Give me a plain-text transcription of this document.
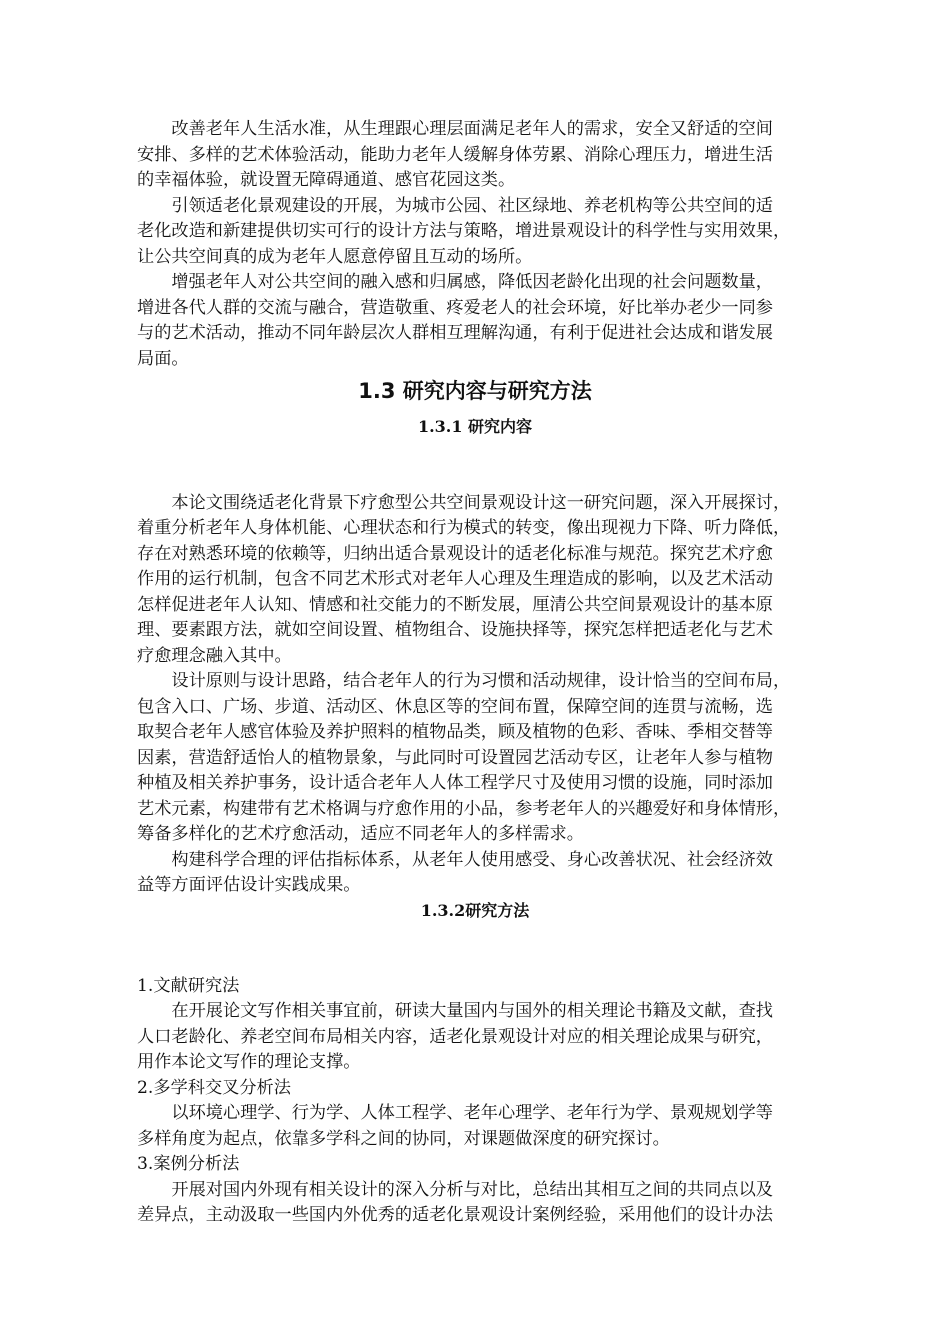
　　改善老年人生活水准，从生理跟心理层面满足老年人的需求，安全又舒适的空间

安排、多样的艺术体验活动，能助力老年人缓解身体劳累、消除心理压力，增进生活

的幸福体验，就设置无障碍通道、感官花园这类。

　　引领适老化景观建设的开展，为城市公园、社区绿地、养老机构等公共空间的适

老化改造和新建提供切实可行的设计方法与策略，增进景观设计的科学性与实用效果，

让公共空间真的成为老年人愿意停留且互动的场所。

　　增强老年人对公共空间的融入感和归属感，降低因老龄化出现的社会问题数量，

增进各代人群的交流与融合，营造敬重、疼爱老人的社会环境，好比举办老少一同参

与的艺术活动，推动不同年龄层次人群相互理解沟通，有利于促进社会达成和谐发展

局面。

1.3 研究内容与研究方法
1.3.1 研究内容

　　本论文围绕适老化背景下疗愈型公共空间景观设计这一研究问题，深入开展探讨，

着重分析老年人身体机能、心理状态和行为模式的转变，像出现视力下降、听力降低，

存在对熟悉环境的依赖等，归纳出适合景观设计的适老化标准与规范。探究艺术疗愈

作用的运行机制，包含不同艺术形式对老年人心理及生理造成的影响，以及艺术活动

怎样促进老年人认知、情感和社交能力的不断发展，厘清公共空间景观设计的基本原

理、要素跟方法，就如空间设置、植物组合、设施抉择等，探究怎样把适老化与艺术

疗愈理念融入其中。

　　设计原则与设计思路，结合老年人的行为习惯和活动规律，设计恰当的空间布局，

包含入口、广场、步道、活动区、休息区等的空间布置，保障空间的连贯与流畅，选

取契合老年人感官体验及养护照料的植物品类，顾及植物的色彩、香味、季相交替等

因素，营造舒适怡人的植物景象，与此同时可设置园艺活动专区，让老年人参与植物

种植及相关养护事务，设计适合老年人人体工程学尺寸及使用习惯的设施，同时添加

艺术元素，构建带有艺术格调与疗愈作用的小品，参考老年人的兴趣爱好和身体情形，

筹备多样化的艺术疗愈活动，适应不同老年人的多样需求。

　　构建科学合理的评估指标体系，从老年人使用感受、身心改善状况、社会经济效

益等方面评估设计实践成果。

1.3.2研究方法

1.文献研究法

　　在开展论文写作相关事宜前，研读大量国内与国外的相关理论书籍及文献，查找

人口老龄化、养老空间布局相关内容，适老化景观设计对应的相关理论成果与研究，

用作本论文写作的理论支撑。

2.多学科交叉分析法

　　以环境心理学、行为学、人体工程学、老年心理学、老年行为学、景观规划学等

多样角度为起点，依靠多学科之间的协同，对课题做深度的研究探讨。

3.案例分析法

　　开展对国内外现有相关设计的深入分析与对比，总结出其相互之间的共同点以及

差异点，主动汲取一些国内外优秀的适老化景观设计案例经验，采用他们的设计办法
